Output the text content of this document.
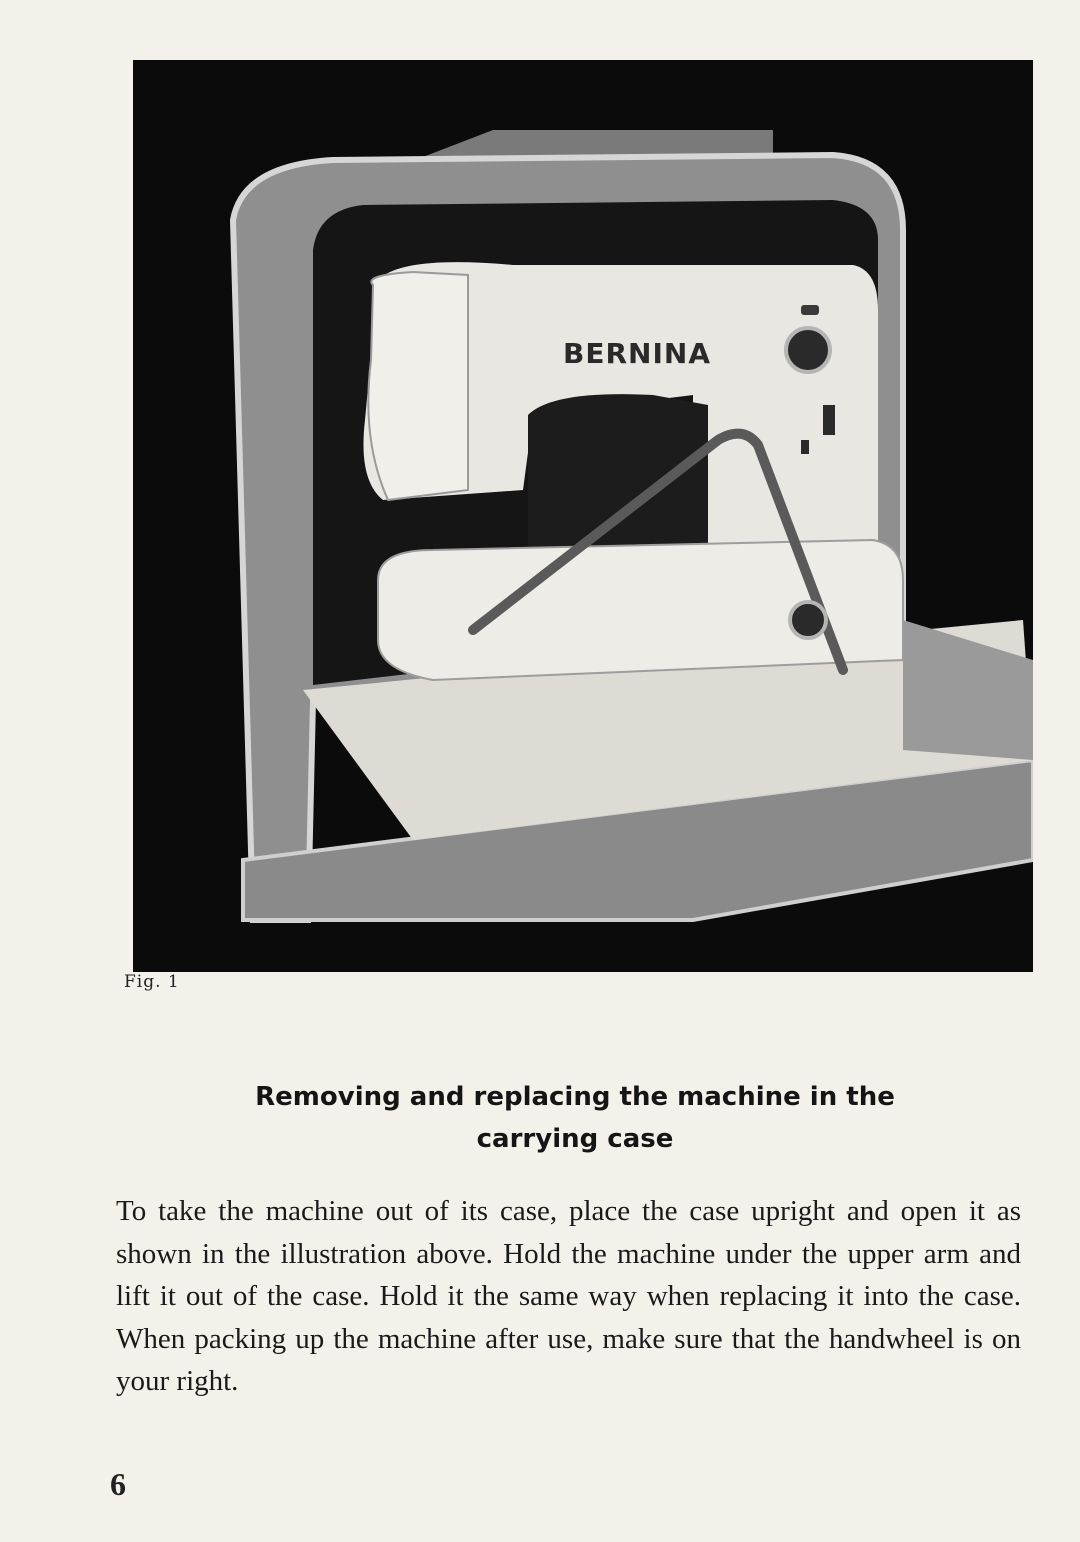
BERNINA
Fig. 1
Removing and replacing the machine in the
carrying case
To take the machine out of its case, place the case upright and open it as shown in the illustration above. Hold the machine under the upper arm and lift it out of the case. Hold it the same way when replacing it into the case. When packing up the machine after use, make sure that the handwheel is on your right.
6
